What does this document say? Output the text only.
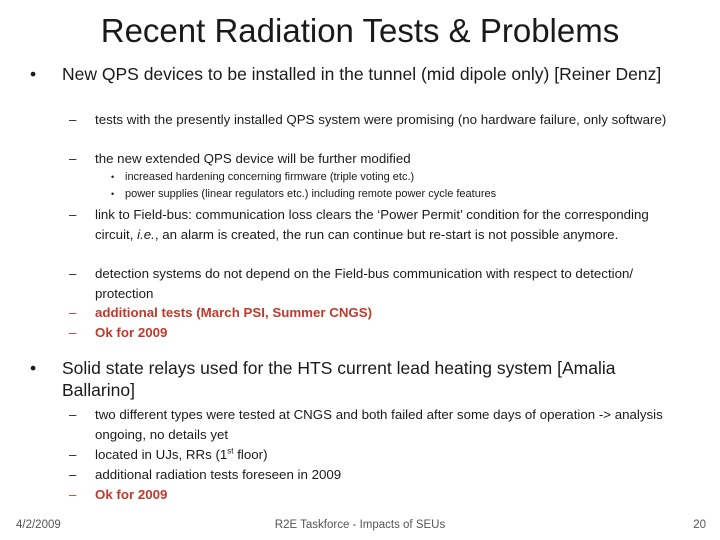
Recent Radiation Tests & Problems
• New QPS devices to be installed in the tunnel (mid dipole only) [Reiner Denz]
– tests with the presently installed QPS system were promising (no hardware failure, only software)
– the new extended QPS device will be further modified
• increased hardening concerning firmware (triple voting etc.)
• power supplies (linear regulators etc.) including remote power cycle features
– link to Field-bus: communication loss clears the ‘Power Permit’ condition for the corresponding circuit, i.e., an alarm is created, the run can continue but re-start is not possible anymore.
– detection systems do not depend on the Field-bus communication with respect to detection/ protection
– additional tests (March PSI, Summer CNGS)
– Ok for 2009
• Solid state relays used for the HTS current lead heating system [Amalia Ballarino]
– two different types were tested at CNGS and both failed after some days of operation -> analysis ongoing, no details yet
– located in UJs, RRs (1st floor)
– additional radiation tests foreseen in 2009
– Ok for 2009
4/2/2009	R2E Taskforce - Impacts of SEUs	20
